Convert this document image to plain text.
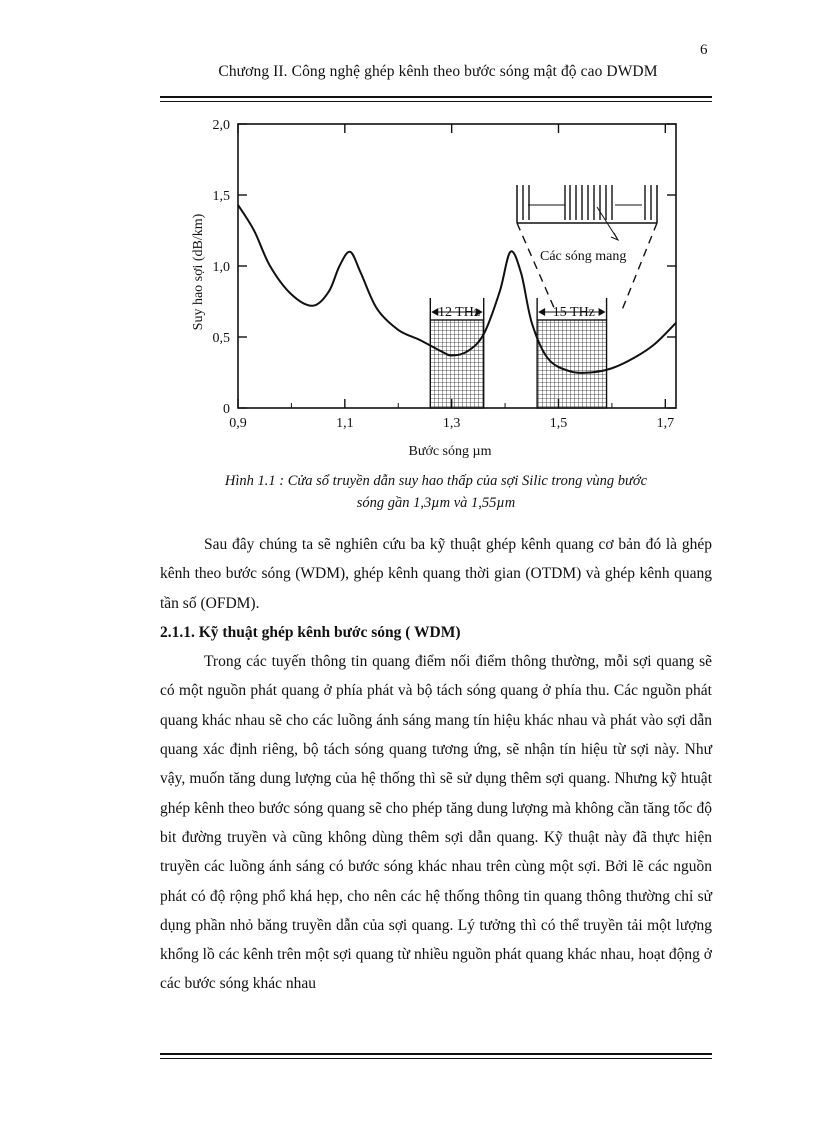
6
Chương II. Công nghệ ghép kênh theo bước sóng mật độ cao DWDM
12 THz	15 THz
0
0,5
1,0
1,5
2,0
0,9	1,1	1,3	1,5	1,7
Các sóng mang
Bước sóng µm
Suy hao sợi (dB/km)
Hình 1.1 : Cửa sổ truyền dẫn suy hao thấp của sợi Silic trong vùng bước
sóng gần 1,3µm và 1,55µm

Sau đây chúng ta sẽ nghiên cứu ba kỹ thuật ghép kênh quang cơ bản đó là ghép kênh theo bước sóng (WDM), ghép kênh quang thời gian (OTDM) và ghép kênh quang tần số (OFDM).

2.1.1. Kỹ thuật ghép kênh bước sóng ( WDM)

Trong các tuyến thông tin quang điểm nối điểm thông thường, mỗi sợi quang sẽ có một nguồn phát quang ở phía phát và bộ tách sóng quang ở phía thu. Các nguồn phát quang khác nhau sẽ cho các luồng ánh sáng mang tín hiệu khác nhau và phát vào sợi dẫn quang xác định riêng, bộ tách sóng quang tương ứng, sẽ nhận tín hiệu từ sợi này. Như vậy, muốn tăng dung lượng của hệ thống thì sẽ sử dụng thêm sợi quang. Nhưng kỹ htuật ghép kênh theo bước sóng quang sẽ cho phép tăng dung lượng mà không cần tăng tốc độ bit đường truyền và cũng không dùng thêm sợi dẫn quang. Kỹ thuật này đã thực hiện truyền các luồng ánh sáng có bước sóng khác nhau trên cùng một sợi. Bởi lẽ các nguồn phát có độ rộng phổ khá hẹp, cho nên các hệ thống thông tin quang thông thường chỉ sử dụng phần nhỏ băng truyền dẫn của sợi quang. Lý tưởng thì có thể truyền tải một lượng khổng lồ các kênh trên một sợi quang từ nhiều nguồn phát quang khác nhau, hoạt động ở các bước sóng khác nhau
